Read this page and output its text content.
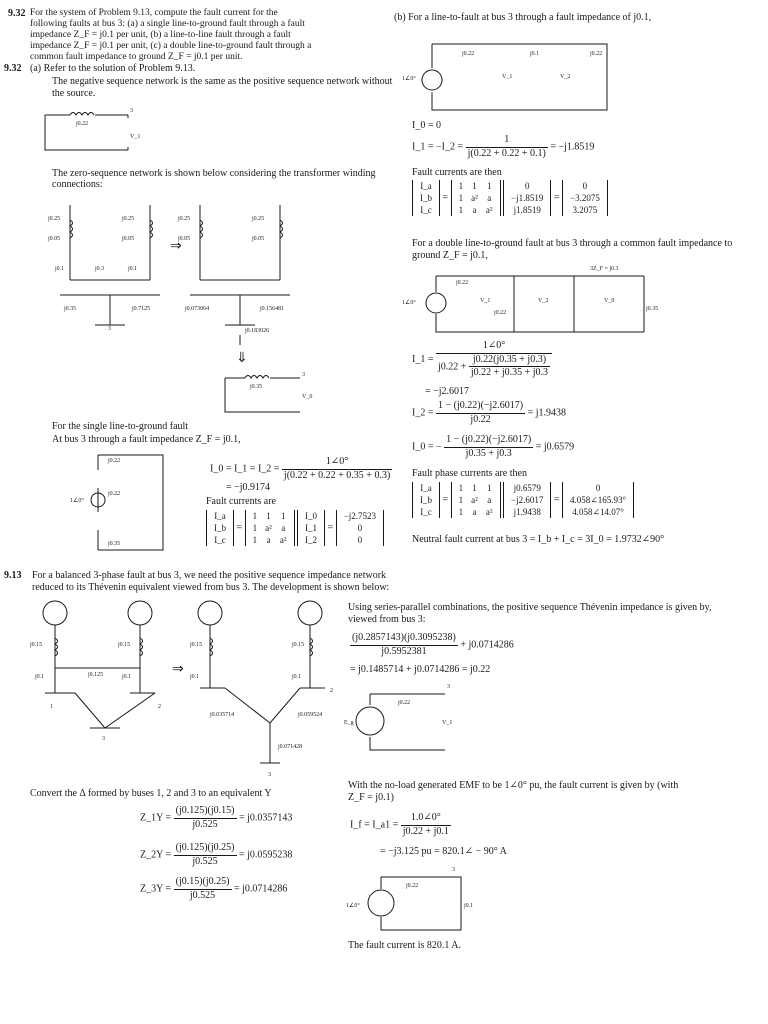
9.32 For the system of Problem 9.13, compute the fault current for the
following faults at bus 3: (a) a single line-to-ground fault through a fault
impedance Z_F = j0.1 per unit, (b) a line-to-line fault through a fault
impedance Z_F = j0.1 per unit, (c) a double line-to-ground fault through a
common fault impedance to ground Z_F = j0.1 per unit.
9.32 (a) Refer to the solution of Problem 9.13.
The negative sequence network is the same as the positive sequence network without
the source.
j0.22
3
V_1
The zero-sequence network is shown below considering the transformer winding
connections:
j0.25
j0.05
j0.25
j0.05
j0.1	j0.3	j0.1
j0.35	j0.7125
3
⇒
j0.25
j0.05
j0.25
j0.05
j0.073064	j0.156481
j0.183026
⇓
j0.35
3
V_0
For the single line-to-ground fault
At bus 3 through a fault impedance Z_F = j0.1,
1∠0°
j0.22
j0.22
j0.35
I_0 = I_1 = I_2 = $\frac{1\angle 0^\circ}{j(0.22 + 0.22 + 0.35 + 0.3)}$
= −j0.9174
Fault currents are
I_a
I_b
I_c
=
1	1	1
1	a²	a
1	a	a²

I_0
I_1
I_2
=
−j2.7523
0
0
(b) For a line-to-fault at bus 3 through a fault impedance of j0.1,
1∠0°
j0.22	j0.1	j0.22
V_1	V_2
I_0 = 0
I_1 = −I_2 = $\frac{1}{j(0.22 + 0.22 + 0.1)} = -j1.8519$
Fault currents are then
I_a
I_b
I_c
=
1	1	1
1	a²	a
1	a	a²

0
−j1.8519
j1.8519
=
0
−3.2075
3.2075
For a double line-to-ground fault at bus 3 through a common fault impedance to
ground Z_F = j0.1,
1∠0°
j0.22
j0.22
V_1	V_2
3Z_F = j0.3
V_0
j0.35
I_1 = $\frac{1\angle 0^\circ}{j0.22 + \frac{j0.22(j0.35 + j0.3)}{j0.22 + j0.35 + j0.3}}$
= −j2.6017
I_2 = $\frac{1 - (j0.22)(-j2.6017)}{j0.22} = j1.9438$
I_0 = − $\frac{1 - (j0.22)(-j2.6017)}{j0.35 + j0.3} = j0.6579$
Fault phase currents are then
I_a
I_b
I_c
=
1	1	1
1	a²	a
1	a	a²

j0.6579
−j2.6017
j1.9438
=
0
4.058∠165.93°
4.058∠14.07°
Neutral fault current at bus 3 = I_b + I_c = 3I_0 = 1.9732∠90°
9.13 For a balanced 3-phase fault at bus 3, we need the positive sequence impedance network
reduced to its Thévenin equivalent viewed from bus 3. The development is shown below:
j0.15	j0.15
j0.1	j0.125	j0.1
1	2
3
⇒
j0.15	j0.15
j0.1	j0.1
j0.035714	j0.059524
j0.071428
2
3
Using series-parallel combinations, the positive sequence Thévenin impedance is given by,
viewed from bus 3:
$\frac{(j0.2857143)(j0.3095238)}{j0.5952381} + j0.0714286$
= j0.1485714 + j0.0714286 = j0.22
E_g
j0.22
3
V_1
Convert the Δ formed by buses 1, 2 and 3 to an equivalent Y
Z_1Y = $\frac{(j0.125)(j0.15)}{j0.525} = j0.0357143$
Z_2Y = $\frac{(j0.125)(j0.25)}{j0.525} = j0.0595238$
Z_3Y = $\frac{(j0.15)(j0.25)}{j0.525} = j0.0714286$
With the no-load generated EMF to be 1∠0° pu, the fault current is given by (with
Z_F = j0.1)
I_f = I_a1 = $\frac{1.0\angle 0^\circ}{j0.22 + j0.1}$
= −j3.125 pu = 820.1∠ − 90° A
1∠0°
j0.22
j0.1
3
The fault current is 820.1 A.
